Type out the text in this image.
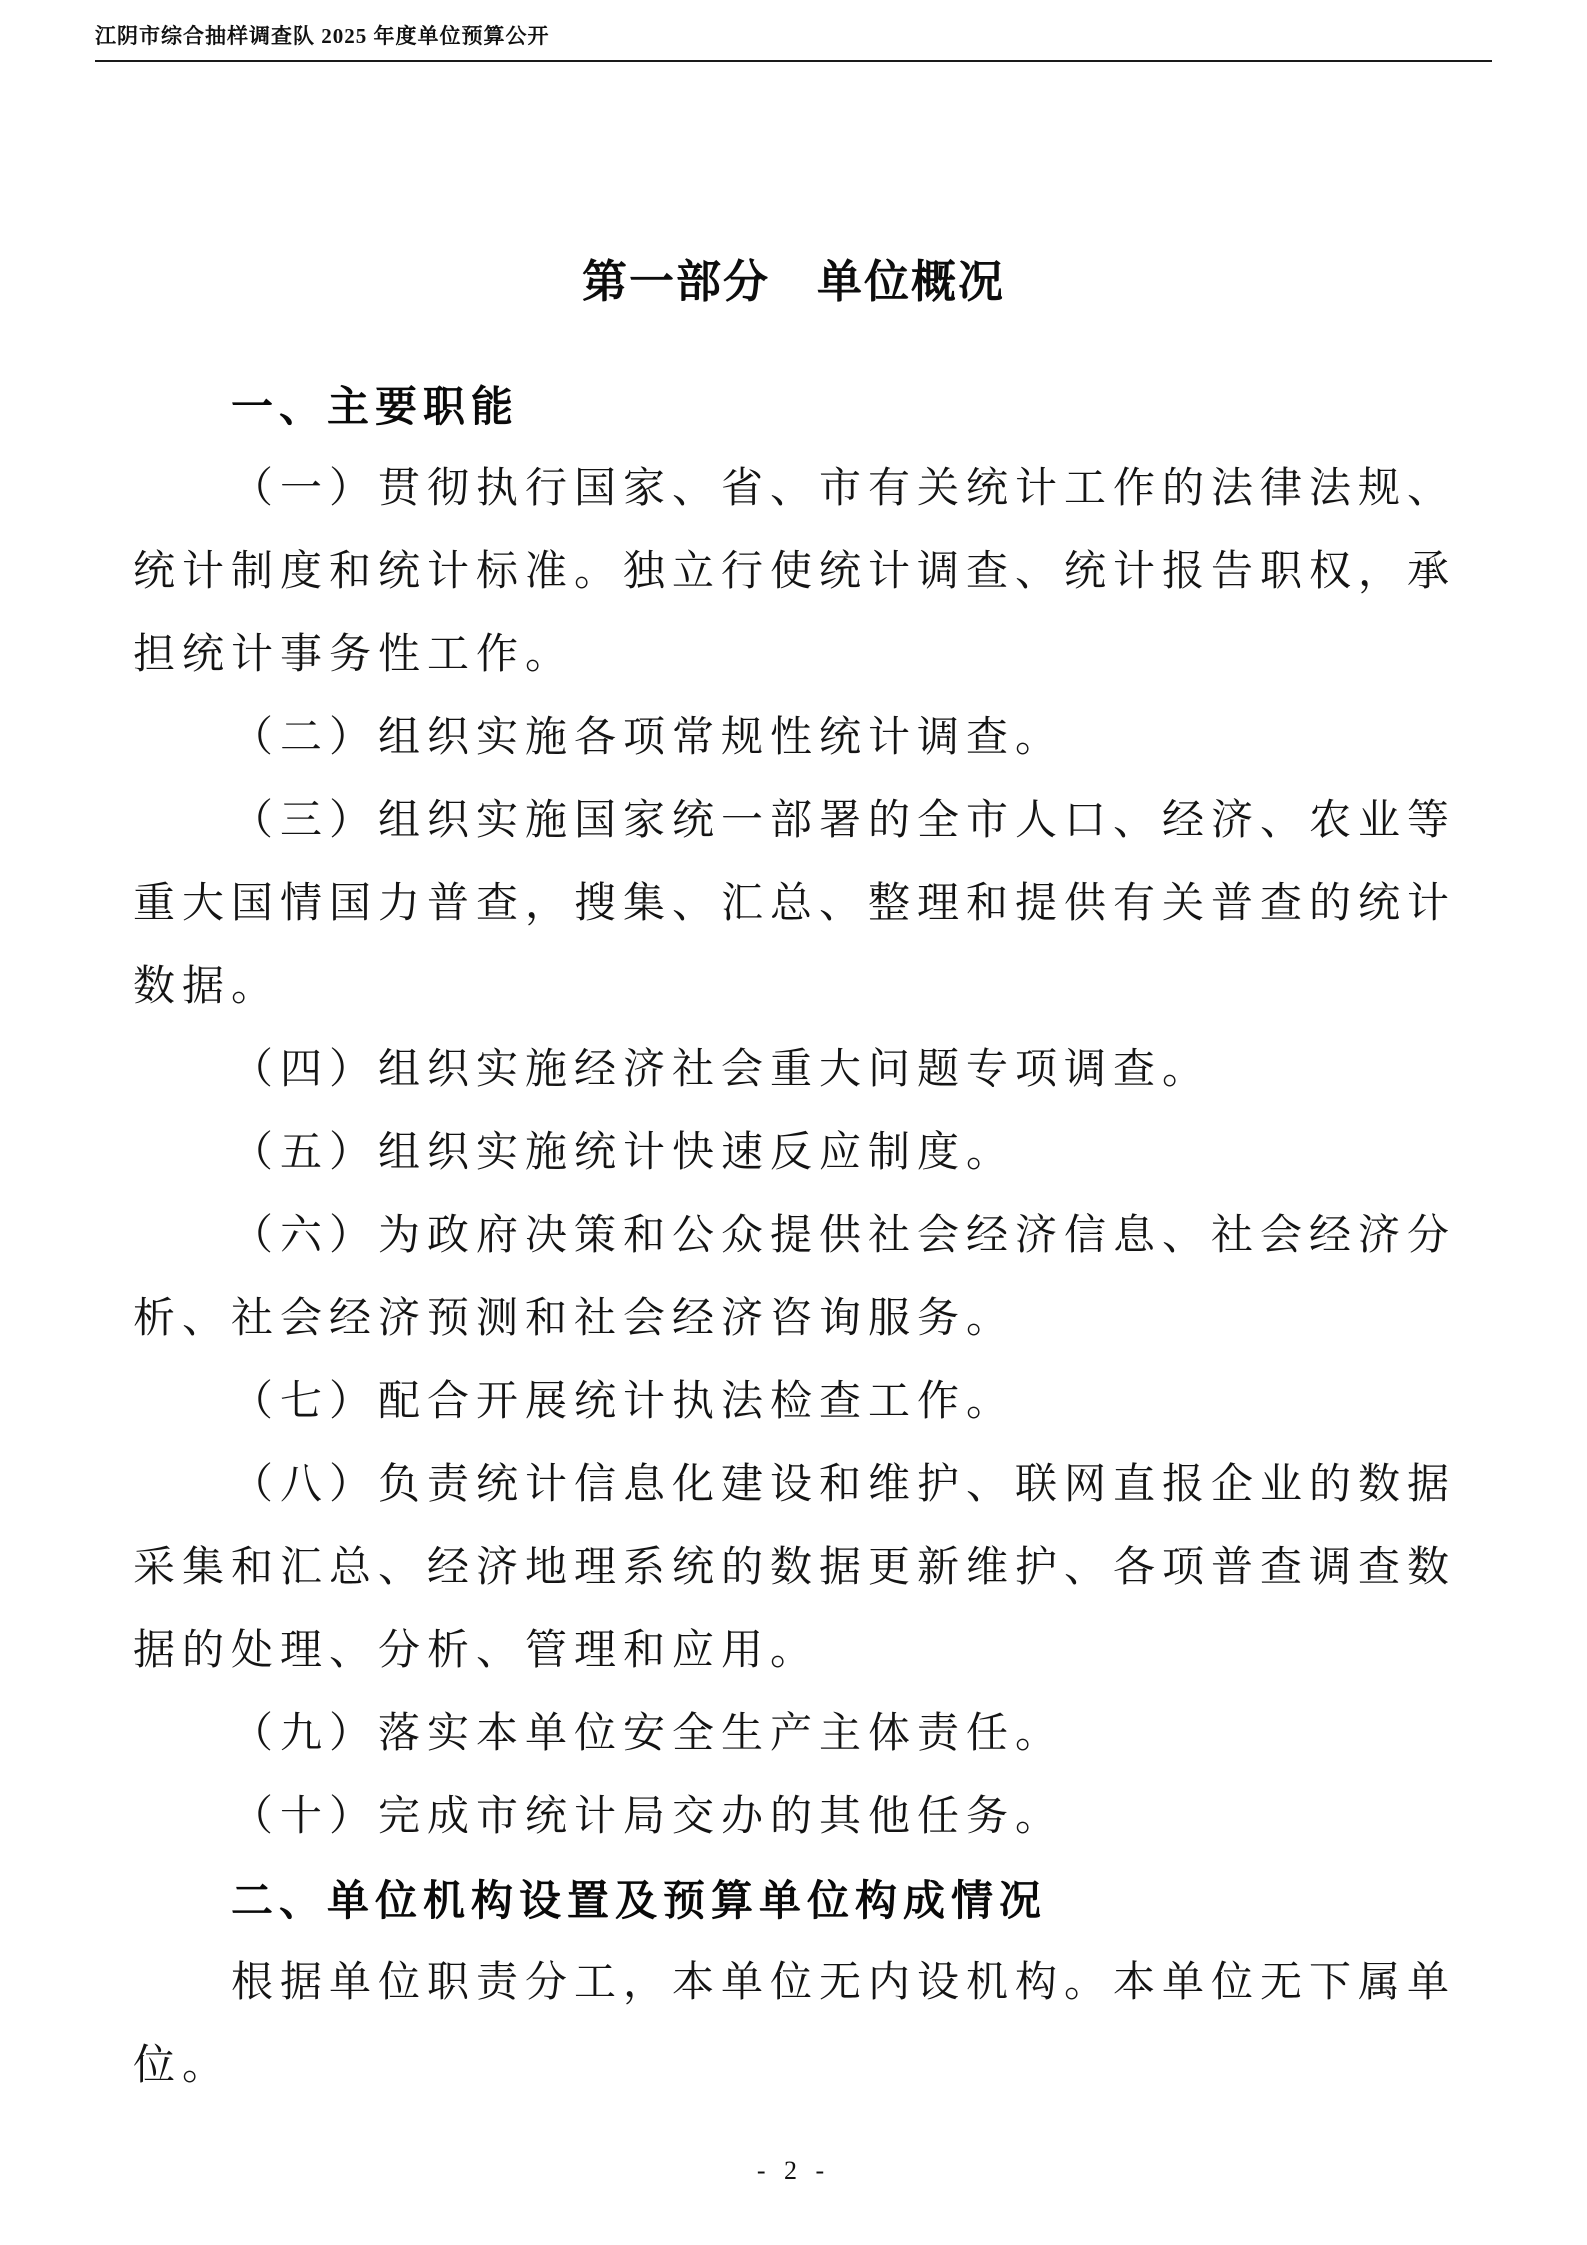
江阴市综合抽样调查队 2025 年度单位预算公开
第一部分　单位概况
一、主要职能
（一）贯彻执行国家、省、市有关统计工作的法律法规、
统计制度和统计标准。独立行使统计调查、统计报告职权，承
担统计事务性工作。
（二）组织实施各项常规性统计调查。
（三）组织实施国家统一部署的全市人口、经济、农业等
重大国情国力普查，搜集、汇总、整理和提供有关普查的统计
数据。
（四）组织实施经济社会重大问题专项调查。
（五）组织实施统计快速反应制度。
（六）为政府决策和公众提供社会经济信息、社会经济分
析、社会经济预测和社会经济咨询服务。
（七）配合开展统计执法检查工作。
（八）负责统计信息化建设和维护、联网直报企业的数据
采集和汇总、经济地理系统的数据更新维护、各项普查调查数
据的处理、分析、管理和应用。
（九）落实本单位安全生产主体责任。
（十）完成市统计局交办的其他任务。
二、单位机构设置及预算单位构成情况
根据单位职责分工，本单位无内设机构。本单位无下属单
位。
- 2 -
